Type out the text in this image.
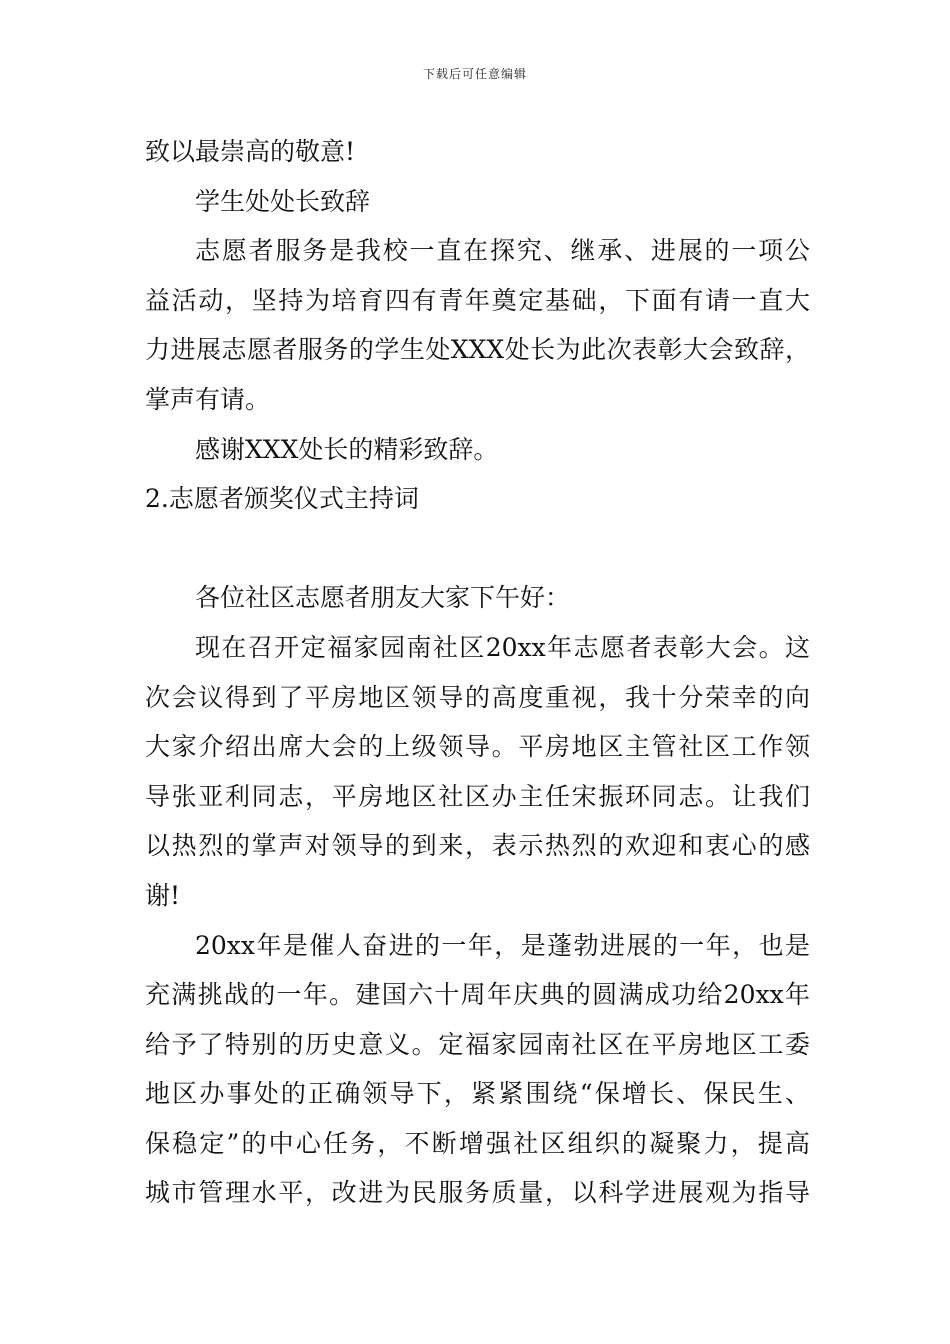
下载后可任意编辑
致以最崇高的敬意!
学生处处长致辞
志愿者服务是我校一直在探究、继承、进展的一项公
益活动，坚持为培育四有青年奠定基础，下面有请一直大
力进展志愿者服务的学生处XXX处长为此次表彰大会致辞，
掌声有请。
感谢XXX处长的精彩致辞。
2.志愿者颁奖仪式主持词
各位社区志愿者朋友大家下午好：
现在召开定福家园南社区20xx年志愿者表彰大会。这
次会议得到了平房地区领导的高度重视，我十分荣幸的向
大家介绍出席大会的上级领导。平房地区主管社区工作领
导张亚利同志，平房地区社区办主任宋振环同志。让我们
以热烈的掌声对领导的到来，表示热烈的欢迎和衷心的感
谢!
20xx年是催人奋进的一年，是蓬勃进展的一年，也是
充满挑战的一年。建国六十周年庆典的圆满成功给20xx年
给予了特别的历史意义。定福家园南社区在平房地区工委
地区办事处的正确领导下，紧紧围绕“保增长、保民生、
保稳定”的中心任务，不断增强社区组织的凝聚力，提高
城市管理水平，改进为民服务质量，以科学进展观为指导
